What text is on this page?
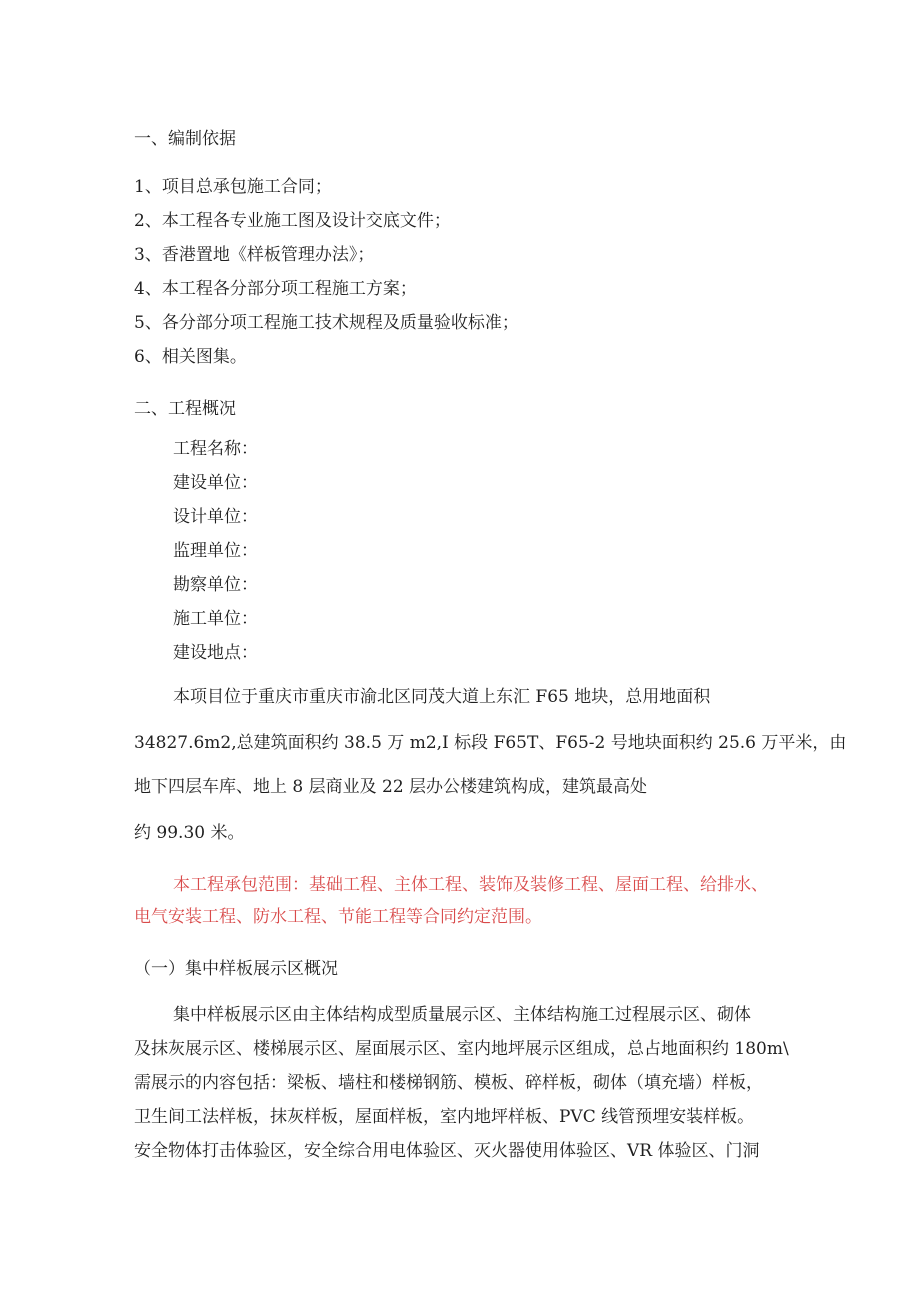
一、编制依据
1、项目总承包施工合同；
2、本工程各专业施工图及设计交底文件；
3、香港置地《样板管理办法》；
4、本工程各分部分项工程施工方案；
5、各分部分项工程施工技术规程及质量验收标准；
6、相关图集。
二、工程概况
工程名称：
建设单位：
设计单位：
监理单位：
勘察单位：
施工单位：
建设地点：
本项目位于重庆市重庆市渝北区同茂大道上东汇 F65 地块，总用地面积
34827.6m2,总建筑面积约 38.5 万 m2,I 标段 F65T、F65-2 号地块面积约 25.6 万平米，由
地下四层车库、地上 8 层商业及 22 层办公楼建筑构成，建筑最高处
约 99.30 米。
本工程承包范围：基础工程、主体工程、装饰及装修工程、屋面工程、给排水、
电气安装工程、防水工程、节能工程等合同约定范围。
（一）集中样板展示区概况
集中样板展示区由主体结构成型质量展示区、主体结构施工过程展示区、砌体
及抹灰展示区、楼梯展示区、屋面展示区、室内地坪展示区组成，总占地面积约 180m\
需展示的内容包括：梁板、墙柱和楼梯钢筋、模板、碎样板，砌体（填充墙）样板，
卫生间工法样板，抹灰样板，屋面样板，室内地坪样板、PVC 线管预埋安装样板。
安全物体打击体验区，安全综合用电体验区、灭火器使用体验区、VR 体验区、门洞
